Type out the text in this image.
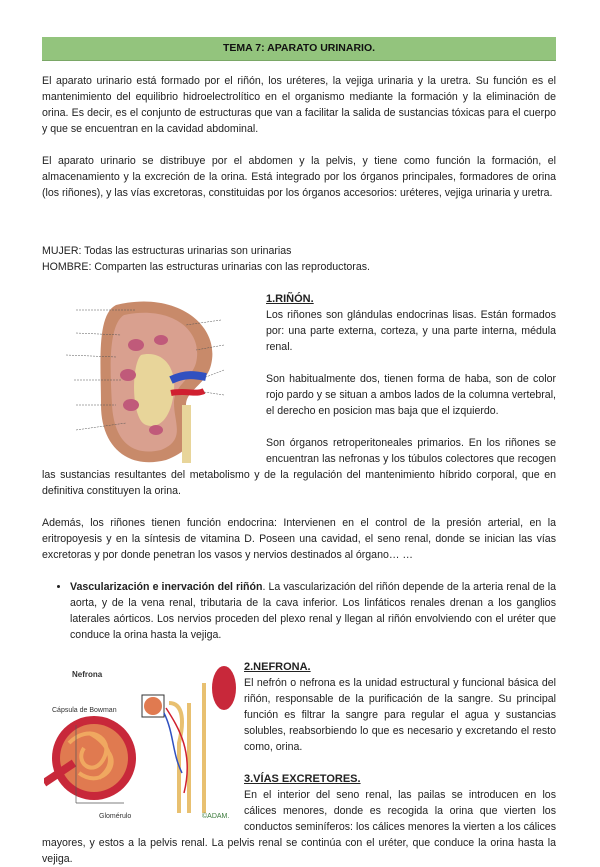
TEMA 7: APARATO URINARIO.

El aparato urinario está formado por el riñón, los uréteres, la vejiga urinaria y la uretra. Su función es el mantenimiento del equilibrio hidroelectrolítico en el organismo mediante la formación y la eliminación de orina. Es decir, es el conjunto de estructuras que van a facilitar la salida de sustancias tóxicas para el cuerpo y que se encuentran en la cavidad abdominal.

El aparato urinario se distribuye por el abdomen y la pelvis, y tiene como función la formación, el almacenamiento y la excreción de la orina. Está integrado por los órganos principales, formadores de orina (los riñones), y las vías excretoras, constituidas por los órganos accesorios: uréteres, vejiga urinaria y uretra.

MUJER: Todas las estructuras urinarias son urinarias

HOMBRE: Comparten las estructuras urinarias con las reproductoras.

1.RIÑÓN.

Los riñones son glándulas endocrinas lisas. Están formados por: una parte externa, corteza, y una parte interna, médula renal.

Son habitualmente dos, tienen forma de haba, son de color rojo pardo y se situan a ambos lados de la columna vertebral, el derecho en posicion mas baja que el izquierdo.

Son órganos retroperitoneales primarios. En los riñones se encuentran las nefronas y los túbulos colectores que recogen las sustancias resultantes del metabolismo y de la regulación del mantenimiento híbrido corporal, que en definitiva constituyen la orina.

Además, los riñones tienen función endocrina: Intervienen en el control de la presión arterial, en la eritropoyesis y en la síntesis de vitamina D. Poseen una cavidad, el seno renal, donde se inician las vías excretoras y por donde penetran los vasos y nervios destinados al órgano… …

• Vascularización e inervación del riñón. La vascularización del riñón depende de la arteria renal de la aorta, y de la vena renal, tributaria de la cava inferior. Los linfáticos renales drenan a los ganglios laterales aórticos. Los nervios proceden del plexo renal y llegan al riñón envolviendo con el uréter que conduce la orina hasta la vejiga.
Nefrona
Cápsula de Bowman
Glomérulo	©ADAM.
2.NEFRONA.

El nefrón o nefrona es la unidad estructural y funcional básica del riñón, responsable de la purificación de la sangre. Su principal función es filtrar la sangre para regular el agua y sustancias solubles, reabsorbiendo lo que es necesario y excretando el resto como, orina.

3.VÍAS EXCRETORES.

En el interior del seno renal, las pailas se introducen en los cálices menores, donde es recogida la orina que vierten los conductos seminíferos: los cálices menores la vierten a los cálices mayores, y estos a la pelvis renal. La pelvis renal se continúa con el uréter, que conduce la orina hasta la vejiga.
